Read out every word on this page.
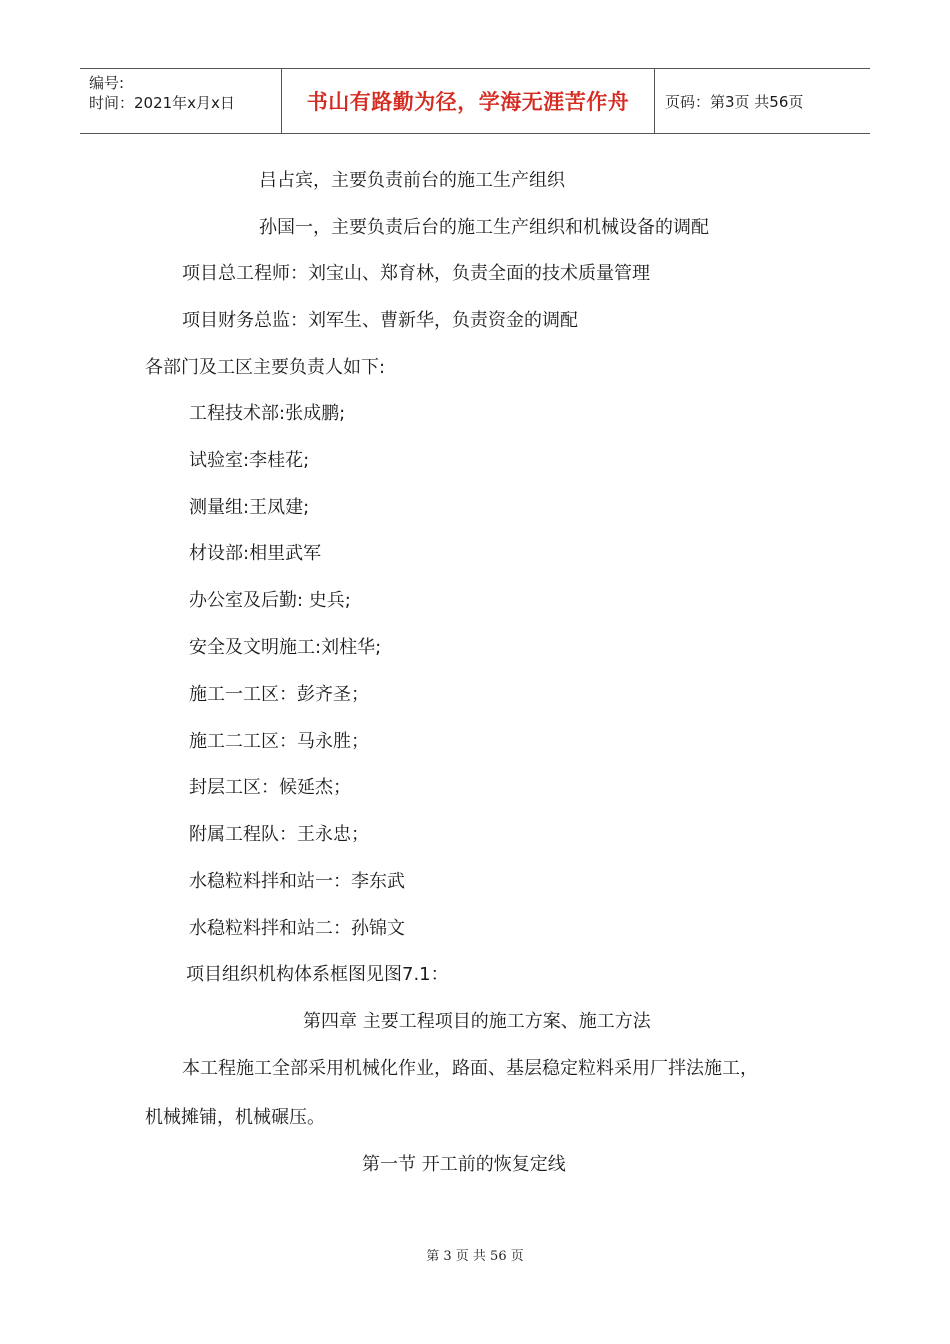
编号:
时间：2021年x月x日	书山有路勤为径，学海无涯苦作舟 页码：第3页 共56页
吕占宾，主要负责前台的施工生产组织
孙国一，主要负责后台的施工生产组织和机械设备的调配
项目总工程师：刘宝山、郑育林，负责全面的技术质量管理
项目财务总监：刘军生、曹新华，负责资金的调配
各部门及工区主要负责人如下:
工程技术部:张成鹏;
试验室:李桂花;
测量组:王凤建;
材设部:相里武军
办公室及后勤: 史兵;
安全及文明施工:刘柱华;
施工一工区：彭齐圣；
施工二工区：马永胜；
封层工区：候延杰；
附属工程队：王永忠；
水稳粒料拌和站一：李东武
水稳粒料拌和站二：孙锦文
项目组织机构体系框图见图7.1：
第四章 主要工程项目的施工方案、施工方法
本工程施工全部采用机械化作业，路面、基层稳定粒料采用厂拌法施工，
机械摊铺，机械碾压。
第一节 开工前的恢复定线
第 3 页 共 56 页
